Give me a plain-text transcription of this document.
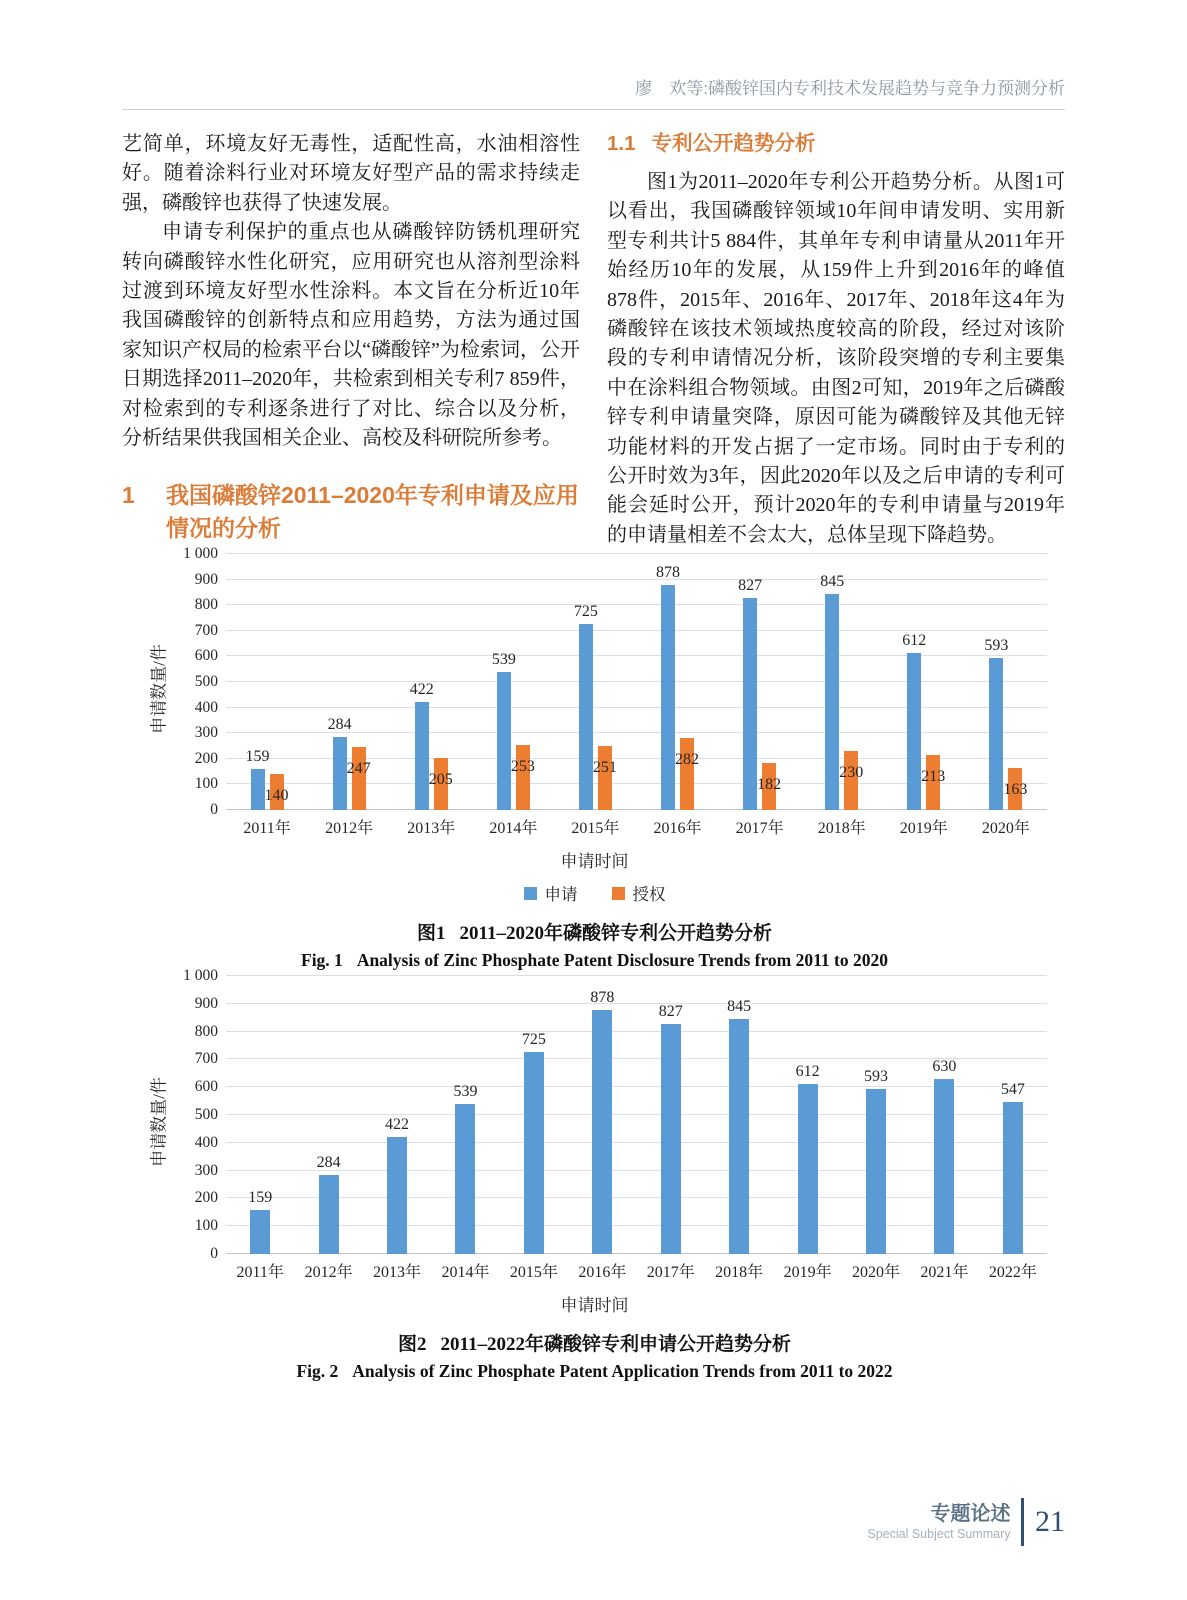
廖　欢等:磷酸锌国内专利技术发展趋势与竞争力预测分析

艺简单，环境友好无毒性，适配性高，水油相溶性好。随着涂料行业对环境友好型产品的需求持续走强，磷酸锌也获得了快速发展。

申请专利保护的重点也从磷酸锌防锈机理研究转向磷酸锌水性化研究，应用研究也从溶剂型涂料过渡到环境友好型水性涂料。本文旨在分析近10年我国磷酸锌的创新特点和应用趋势，方法为通过国家知识产权局的检索平台以“磷酸锌”为检索词，公开日期选择2011–2020年，共检索到相关专利7 859件，对检索到的专利逐条进行了对比、综合以及分析，分析结果供我国相关企业、高校及科研院所参考。

1	我国磷酸锌2011–2020年专利申请及应用情况的分析
1.1 专利公开趋势分析

图1为2011–2020年专利公开趋势分析。从图1可以看出，我国磷酸锌领域10年间申请发明、实用新型专利共计5 884件，其单年专利申请量从2011年开始经历10年的发展，从159件上升到2016年的峰值878件，2015年、2016年、2017年、2018年这4年为磷酸锌在该技术领域热度较高的阶段，经过对该阶段的专利申请情况分析，该阶段突增的专利主要集中在涂料组合物领域。由图2可知，2019年之后磷酸锌专利申请量突降，原因可能为磷酸锌及其他无锌功能材料的开发占据了一定市场。同时由于专利的公开时效为3年，因此2020年以及之后申请的专利可能会延时公开，预计2020年的专利申请量与2019年的申请量相差不会太大，总体呈现下降趋势。

申请数量/件
1 000
900
800
700
600
500
400
300
200
100
0
159
140
284
247
422
205
539
253
725
251
878
282
827
182
845
230
612
213
593
163
2011年	2012年	2013年	2014年	2015年	2016年	2017年	2018年	2019年	2020年
申请时间
申请	授权
图1 2011–2020年磷酸锌专利公开趋势分析
Fig. 1 Analysis of Zinc Phosphate Patent Disclosure Trends from 2011 to 2020
申请数量/件
1 000
900
800
700
600
500
400
300
200
100
0
159
284
422
539
725
878
827	845
612	593
630
547
2011年	2012年	2013年	2014年	2015年	2016年	2017年	2018年	2019年	2020年	2021年	2022年
申请时间
图2 2011–2022年磷酸锌专利申请公开趋势分析
Fig. 2 Analysis of Zinc Phosphate Patent Application Trends from 2011 to 2022
专题论述
Special Subject Summary 21
